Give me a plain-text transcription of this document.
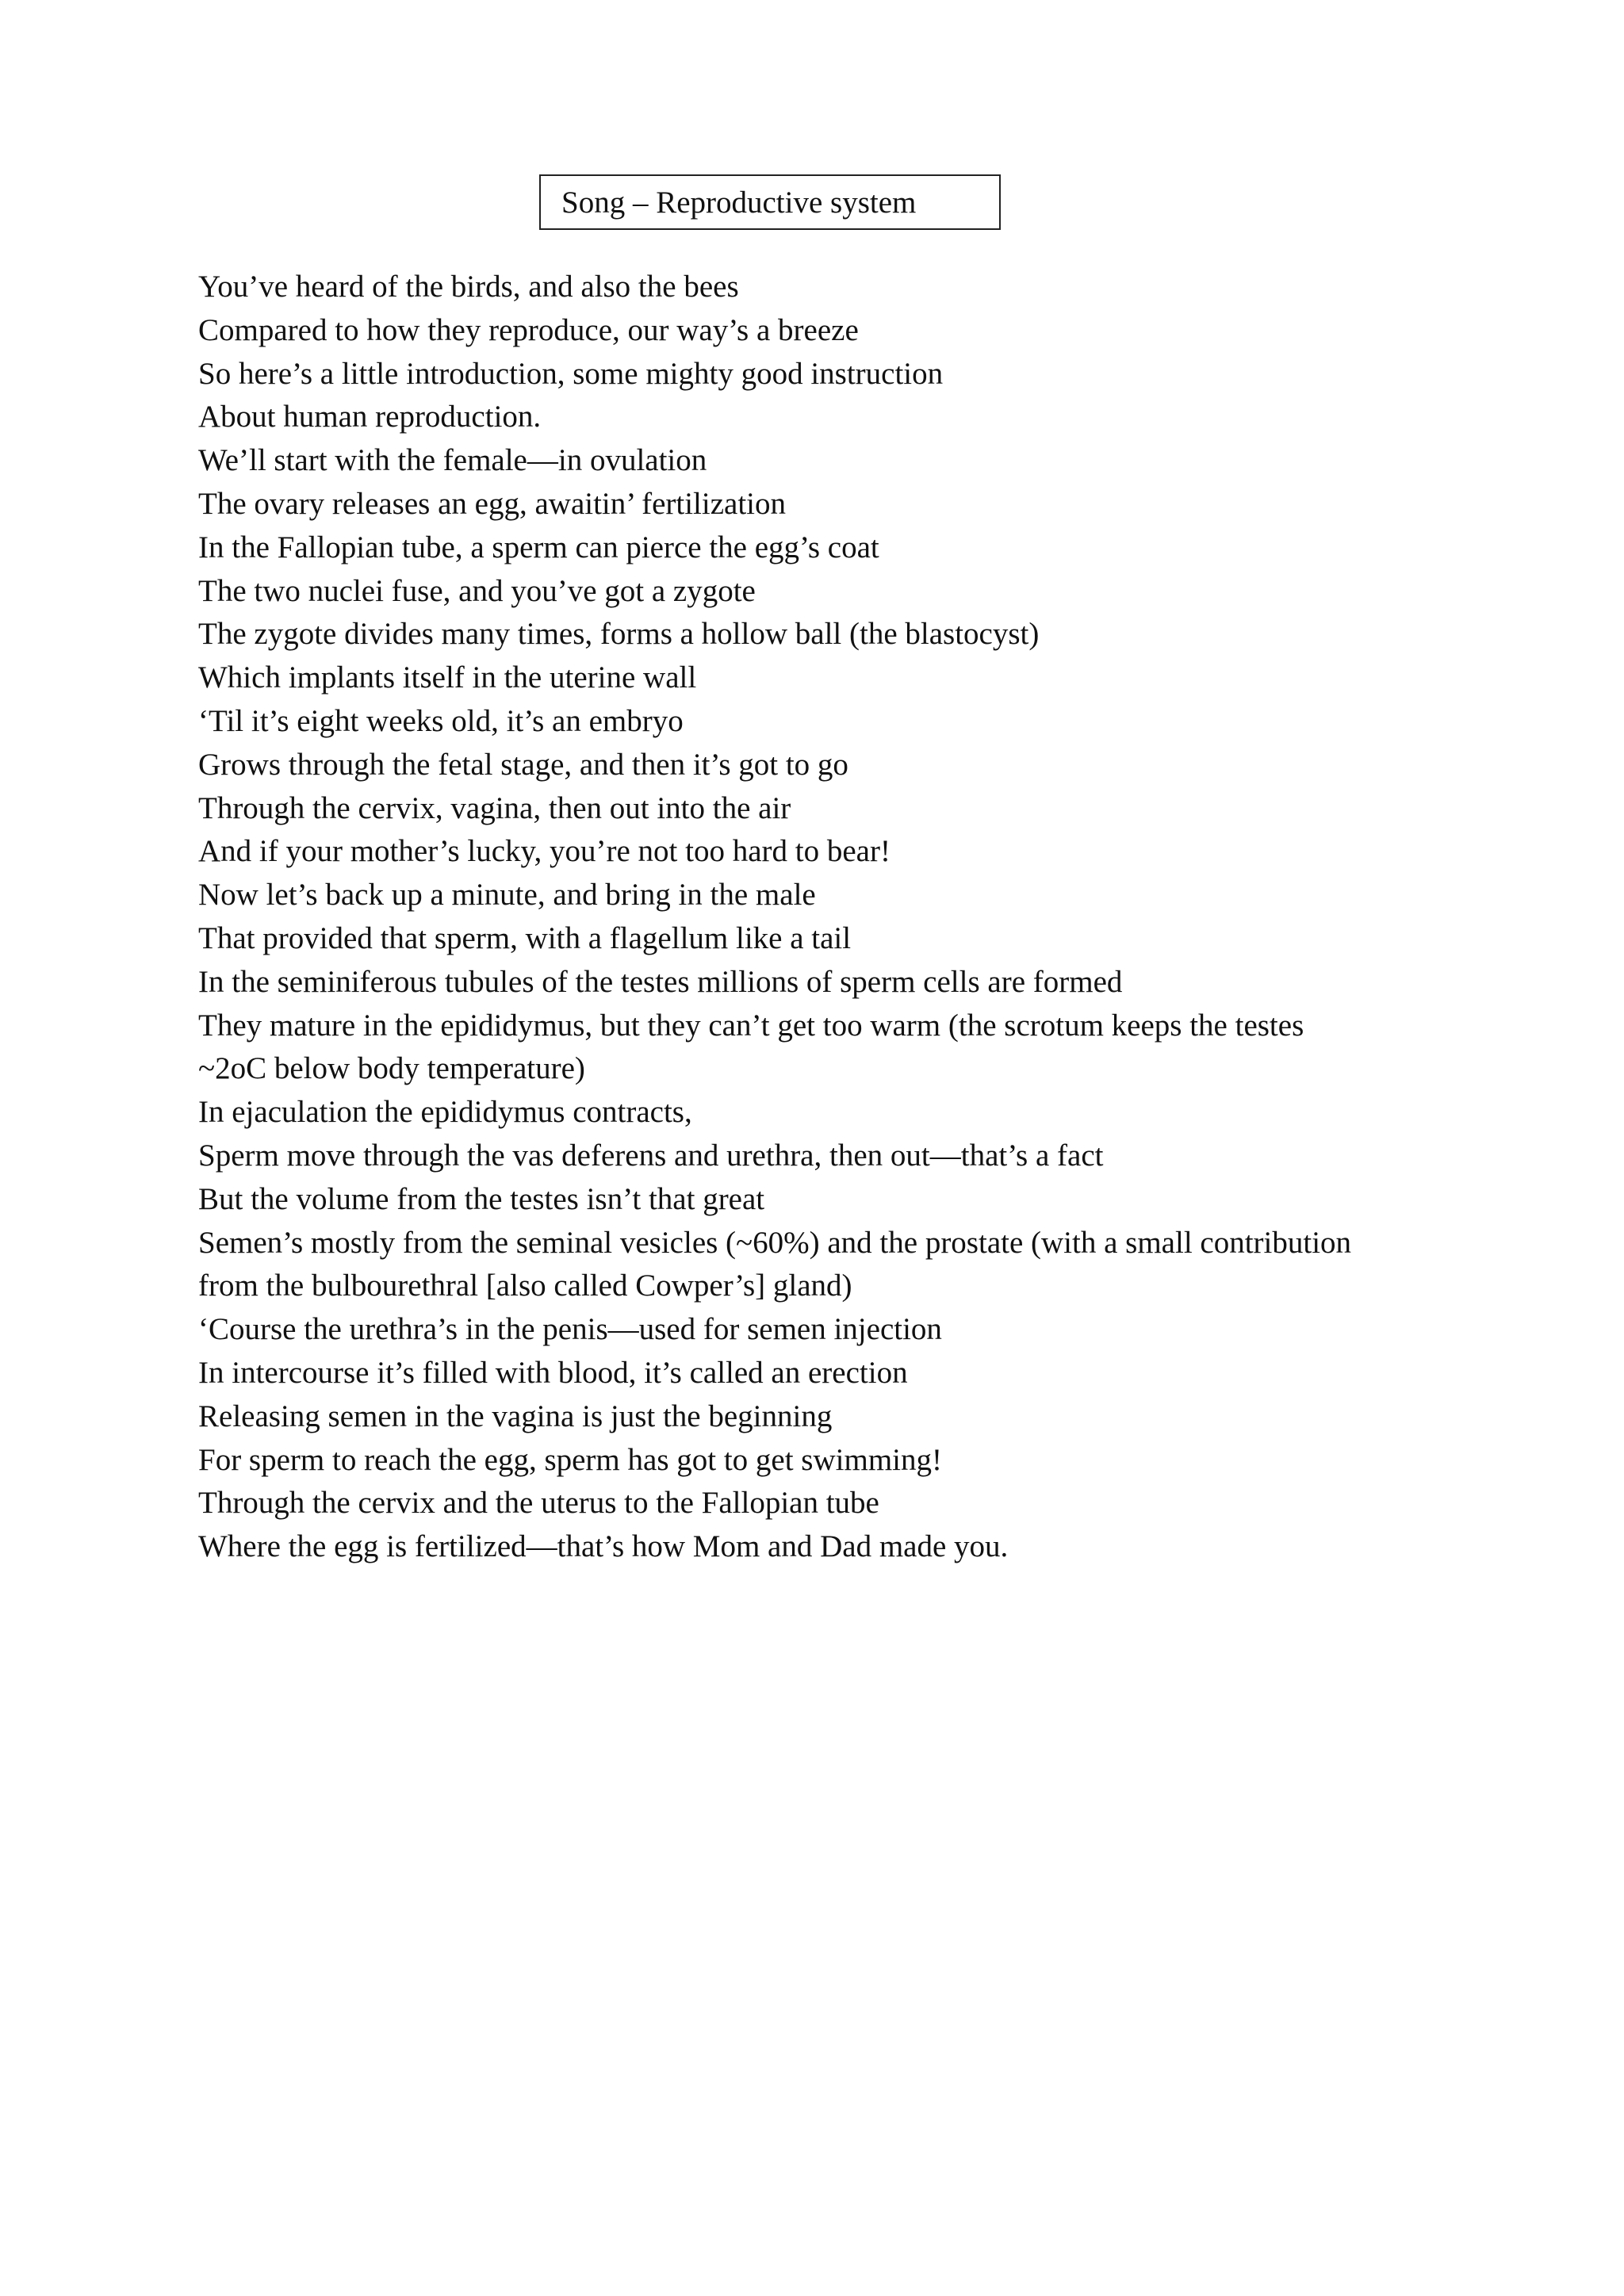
Song – Reproductive system
You’ve heard of the birds, and also the bees
Compared to how they reproduce, our way’s a breeze
So here’s a little introduction, some mighty good instruction
About human reproduction.
We’ll start with the female—in ovulation
The ovary releases an egg, awaitin’ fertilization
In the Fallopian tube, a sperm can pierce the egg’s coat
The two nuclei fuse, and you’ve got a zygote
The zygote divides many times, forms a hollow ball (the blastocyst)
Which implants itself in the uterine wall
‘Til it’s eight weeks old, it’s an embryo
Grows through the fetal stage, and then it’s got to go
Through the cervix, vagina, then out into the air
And if your mother’s lucky, you’re not too hard to bear!
Now let’s back up a minute, and bring in the male
That provided that sperm, with a flagellum like a tail
In the seminiferous tubules of the testes millions of sperm cells are formed
They mature in the epididymus, but they can’t get too warm (the scrotum keeps the testes
~2oC below body temperature)
In ejaculation the epididymus contracts,
Sperm move through the vas deferens and urethra, then out—that’s a fact
But the volume from the testes isn’t that great
Semen’s mostly from the seminal vesicles (~60%) and the prostate (with a small contribution
from the bulbourethral [also called Cowper’s] gland)
‘Course the urethra’s in the penis—used for semen injection
In intercourse it’s filled with blood, it’s called an erection
Releasing semen in the vagina is just the beginning
For sperm to reach the egg, sperm has got to get swimming!
Through the cervix and the uterus to the Fallopian tube
Where the egg is fertilized—that’s how Mom and Dad made you.
